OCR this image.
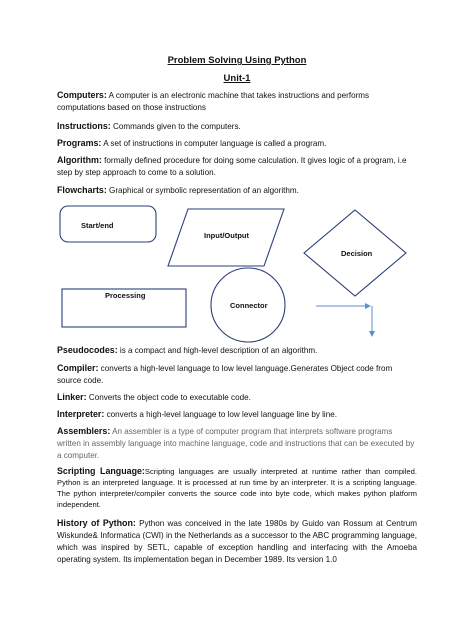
Problem Solving Using Python

Unit-1

Computers: A computer is an electronic machine that takes instructions and performs computations based on those instructions

Instructions: Commands given to the computers.

Programs: A set of instructions in computer language is called a program.

Algorithm: formally defined procedure for doing some calculation. It gives logic of a program, i.e step by step approach to come to a solution.

Flowcharts: Graphical or symbolic representation of an algorithm.

Start/end
Input/Output
Decision
Processing
Connector

Pseudocodes: is a compact and high-level description of an algorithm.

Compiler: converts a high-level language to low level language.Generates Object code from source code.

Linker: Converts the object code to executable code.

Interpreter: converts a high-level language to low level language line by line.

Assemblers: An assembler is a type of computer program that interprets software programs written in assembly language into machine language, code and instructions that can be executed by a computer.

Scripting Language:Scripting languages are usually interpreted at runtime rather than compiled. Python is an interpreted language. It is processed at run time by an interpreter. It is a scripting language. The python interpreter/compiler converts the source code into byte code, which makes python platform independent.

History of Python: Python was conceived in the late 1980s by Guido van Rossum at Centrum Wiskunde& Informatica (CWI) in the Netherlands as a successor to the ABC programming language, which was inspired by SETL, capable of exception handling and interfacing with the Amoeba operating system. Its implementation began in December 1989. Its version 1.0
